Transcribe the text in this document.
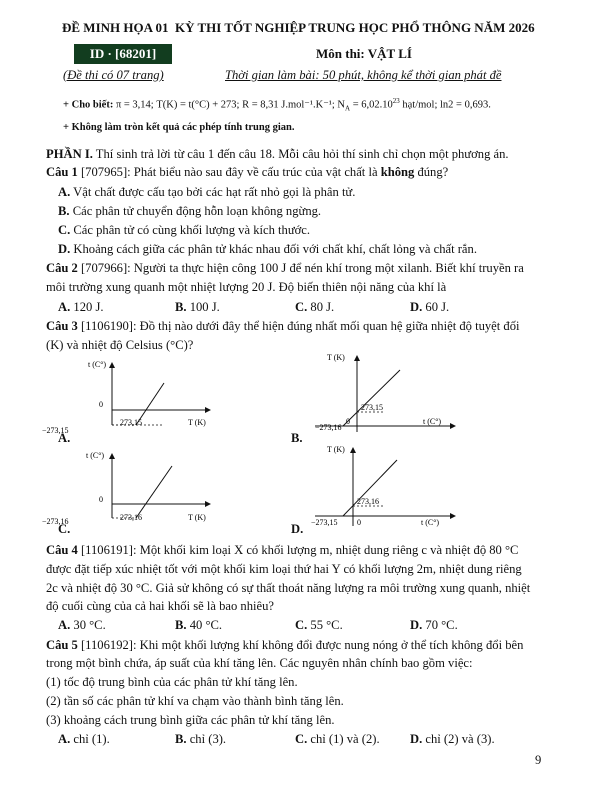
ĐỀ MINH HỌA 01 KỲ THI TỐT NGHIỆP TRUNG HỌC PHỔ THÔNG NĂM 2026
ID · [68201]	Môn thi: VẬT LÍ
(Đề thi có 07 trang)	Thời gian làm bài: 50 phút, không kể thời gian phát đề
+ Cho biết: π = 3,14; T(K) = t(°C) + 273; R = 8,31 J.mol⁻¹.K⁻¹; $N_A = 6,02.10^{23}$ hạt/mol; ln2 = 0,693.
+ Không làm tròn kết quả các phép tính trung gian.
PHẦN I. Thí sinh trả lời từ câu 1 đến câu 18. Mỗi câu hỏi thí sinh chỉ chọn một phương án.
Câu 1 [707965]: Phát biểu nào sau đây về cấu trúc của vật chất là không đúng?
A. Vật chất được cấu tạo bởi các hạt rất nhỏ gọi là phân tử.
B. Các phân tử chuyển động hỗn loạn không ngừng.
C. Các phân tử có cùng khối lượng và kích thước.
D. Khoảng cách giữa các phân tử khác nhau đối với chất khí, chất lỏng và chất rắn.
Câu 2 [707966]: Người ta thực hiện công 100 J để nén khí trong một xilanh. Biết khí truyền ra
môi trường xung quanh một nhiệt lượng 20 J. Độ biến thiên nội năng của khí là
A. 120 J.	B. 100 J.	C. 80 J.	D. 60 J.
Câu 3 [1106190]: Đồ thị nào dưới đây thể hiện đúng nhất mối quan hệ giữa nhiệt độ tuyệt đối
(K) và nhiệt độ Celsius (°C)?
A.
t (C°)
T (K)
0
273,15
−273,15
B.
T (K)
t (C°)
0
−273,16
273,15
C.
t (C°)
T (K)
0
273,16
−273,16
D.
T (K)
t (C°)
0
−273,15
273,16
Câu 4 [1106191]: Một khối kim loại X có khối lượng m, nhiệt dung riêng c và nhiệt độ 80 °C
được đặt tiếp xúc nhiệt tốt với một khối kim loại thứ hai Y có khối lượng 2m, nhiệt dung riêng
2c và nhiệt độ 30 °C. Giả sử không có sự thất thoát năng lượng ra môi trường xung quanh, nhiệt
độ cuối cùng của cả hai khối sẽ là bao nhiêu?
A. 30 °C.	B. 40 °C.	C. 55 °C.	D. 70 °C.
Câu 5 [1106192]: Khi một khối lượng khí không đổi được nung nóng ở thể tích không đổi bên
trong một bình chứa, áp suất của khí tăng lên. Các nguyên nhân chính bao gồm việc:
(1) tốc độ trung bình của các phân tử khí tăng lên.
(2) tần số các phân tử khí va chạm vào thành bình tăng lên.
(3) khoảng cách trung bình giữa các phân tử khí tăng lên.
A. chỉ (1).	B. chỉ (3).	C. chỉ (1) và (2). D. chỉ (2) và (3).
9
